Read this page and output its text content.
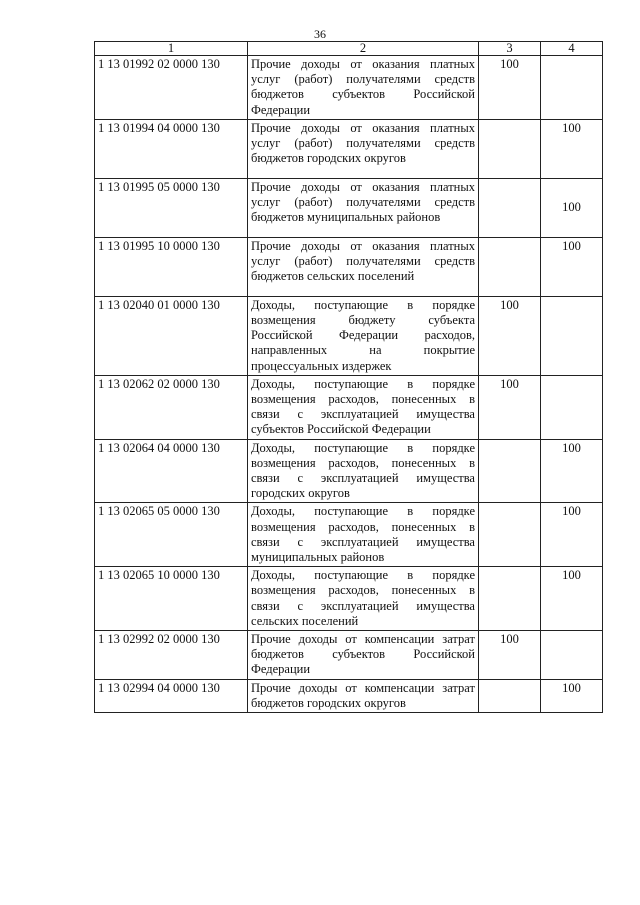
36
1	2	3	4
1 13 01992 02 0000 130	Прочие доходы от оказания платных услуг (работ) получателями средств бюджетов субъектов Российской Федерации	100	
1 13 01994 04 0000 130	Прочие доходы от оказания платных услуг (работ) получателями средств бюджетов городских округов		100
1 13 01995 05 0000 130	Прочие доходы от оказания платных услуг (работ) получателями средств бюджетов муниципальных районов		100
1 13 01995 10 0000 130	Прочие доходы от оказания платных услуг (работ) получателями средств бюджетов сельских поселений		100
1 13 02040 01 0000 130	Доходы, поступающие в порядке возмещения бюджету субъекта Российской Федерации расходов, направленных на покрытие процессуальных издержек	100	
1 13 02062 02 0000 130	Доходы, поступающие в порядке возмещения расходов, понесенных в связи с эксплуатацией имущества субъектов Российской Федерации	100	
1 13 02064 04 0000 130	Доходы, поступающие в порядке возмещения расходов, понесенных в связи с эксплуатацией имущества городских округов		100
1 13 02065 05 0000 130	Доходы, поступающие в порядке возмещения расходов, понесенных в связи с эксплуатацией имущества муниципальных районов		100
1 13 02065 10 0000 130	Доходы, поступающие в порядке возмещения расходов, понесенных в связи с эксплуатацией имущества сельских поселений		100
1 13 02992 02 0000 130	Прочие доходы от компенсации затрат бюджетов субъектов Российской Федерации	100	
1 13 02994 04 0000 130	Прочие доходы от компенсации затрат бюджетов городских округов		100
